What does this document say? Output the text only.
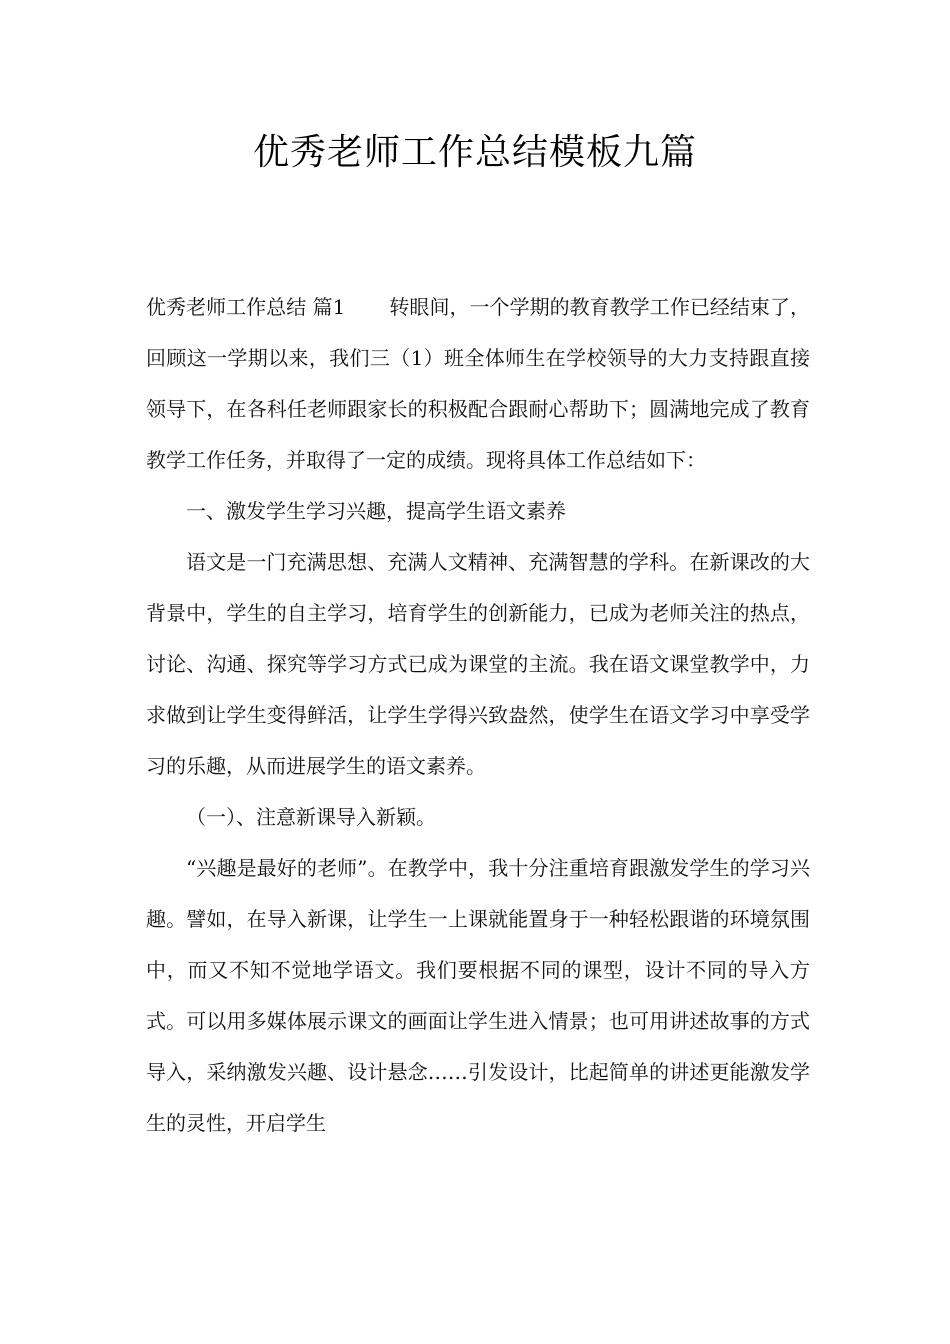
优秀老师工作总结模板九篇

优秀老师工作总结 篇1 转眼间，一个学期的教育教学工作已经结束了，回顾这一学期以来，我们三（1）班全体师生在学校领导的大力支持跟直接领导下，在各科任老师跟家长的积极配合跟耐心帮助下；圆满地完成了教育教学工作任务，并取得了一定的成绩。现将具体工作总结如下：

一、激发学生学习兴趣，提高学生语文素养

语文是一门充满思想、充满人文精神、充满智慧的学科。在新课改的大背景中，学生的自主学习，培育学生的创新能力，已成为老师关注的热点，讨论、沟通、探究等学习方式已成为课堂的主流。我在语文课堂教学中，力求做到让学生变得鲜活，让学生学得兴致盎然，使学生在语文学习中享受学习的乐趣，从而进展学生的语文素养。

（一）、注意新课导入新颖。

“兴趣是最好的老师”。在教学中，我十分注重培育跟激发学生的学习兴趣。譬如，在导入新课，让学生一上课就能置身于一种轻松跟谐的环境氛围中，而又不知不觉地学语文。我们要根据不同的课型，设计不同的导入方式。可以用多媒体展示课文的画面让学生进入情景；也可用讲述故事的方式导入，采纳激发兴趣、设计悬念……引发设计，比起简单的讲述更能激发学生的灵性，开启学生
